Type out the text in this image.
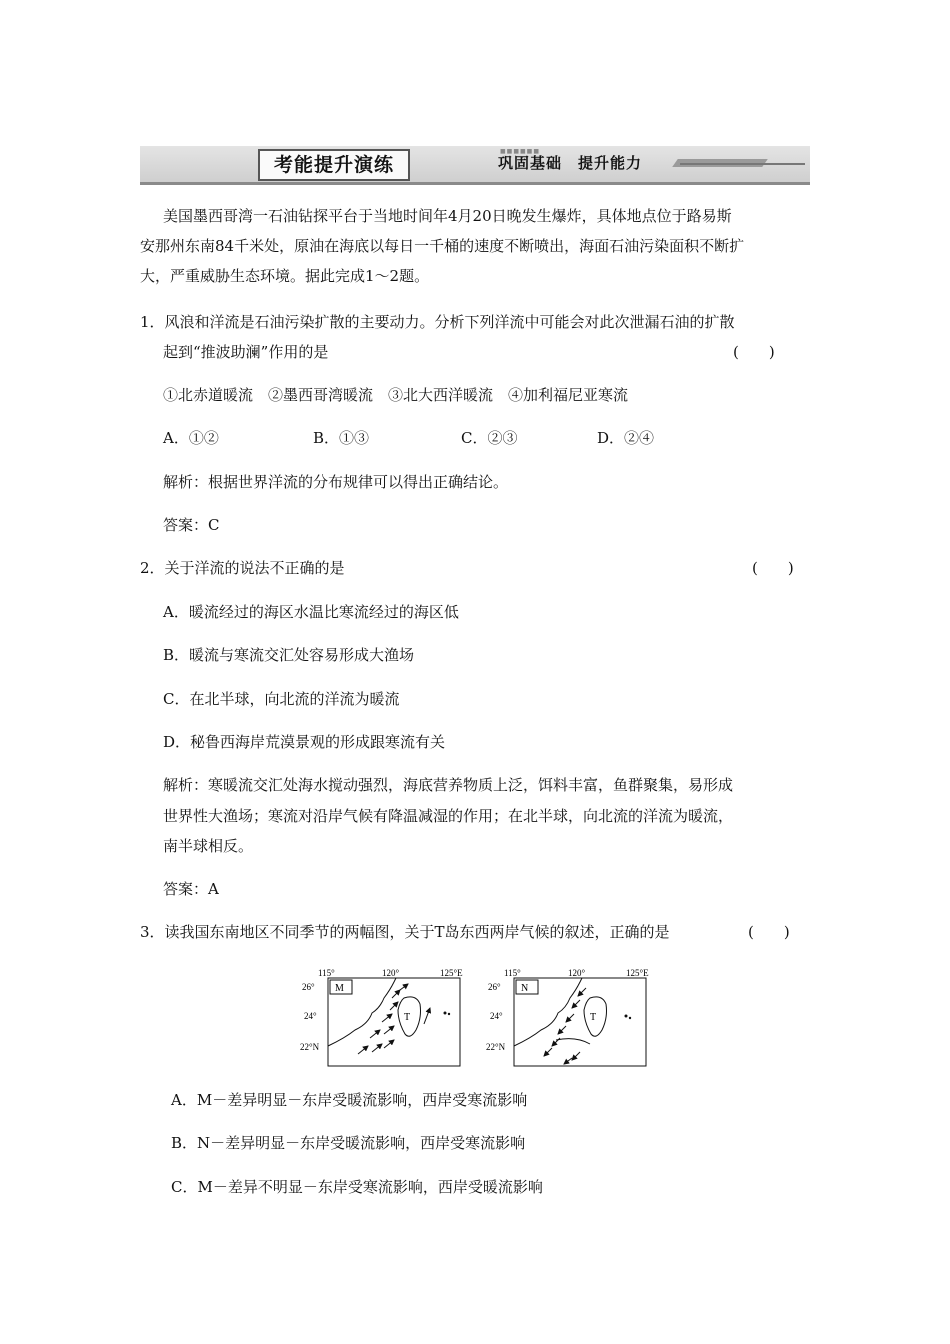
考能提升演练
■■■■■■
巩固基础　提升能力
美国墨西哥湾一石油钻探平台于当地时间年4月20日晚发生爆炸，具体地点位于路易斯
安那州东南84千米处，原油在海底以每日一千桶的速度不断喷出，海面石油污染面积不断扩
大，严重威胁生态环境。据此完成1～2题。
1．风浪和洋流是石油污染扩散的主要动力。分析下列洋流中可能会对此次泄漏石油的扩散
起到“推波助澜”作用的是	(　　)
①北赤道暖流　②墨西哥湾暖流　③北大西洋暖流　④加利福尼亚寒流
A．①②	B．①③	C．②③	D．②④
解析：根据世界洋流的分布规律可以得出正确结论。
答案：C
2．关于洋流的说法不正确的是	(　　)
A．暖流经过的海区水温比寒流经过的海区低
B．暖流与寒流交汇处容易形成大渔场
C．在北半球，向北流的洋流为暖流
D．秘鲁西海岸荒漠景观的形成跟寒流有关
解析：寒暖流交汇处海水搅动强烈，海底营养物质上泛，饵料丰富，鱼群聚集，易形成
世界性大渔场；寒流对沿岸气候有降温减湿的作用；在北半球，向北流的洋流为暖流，
南半球相反。
答案：A
3．读我国东南地区不同季节的两幅图，关于T岛东西两岸气候的叙述，正确的是	(　　)
115°	120°	125°E
26°
24°
22°N
M
T
115°	120°	125°E
26°
24°
22°N
N
T
A．M－差异明显－东岸受暖流影响，西岸受寒流影响
B．N－差异明显－东岸受暖流影响，西岸受寒流影响
C．M－差异不明显－东岸受寒流影响，西岸受暖流影响
